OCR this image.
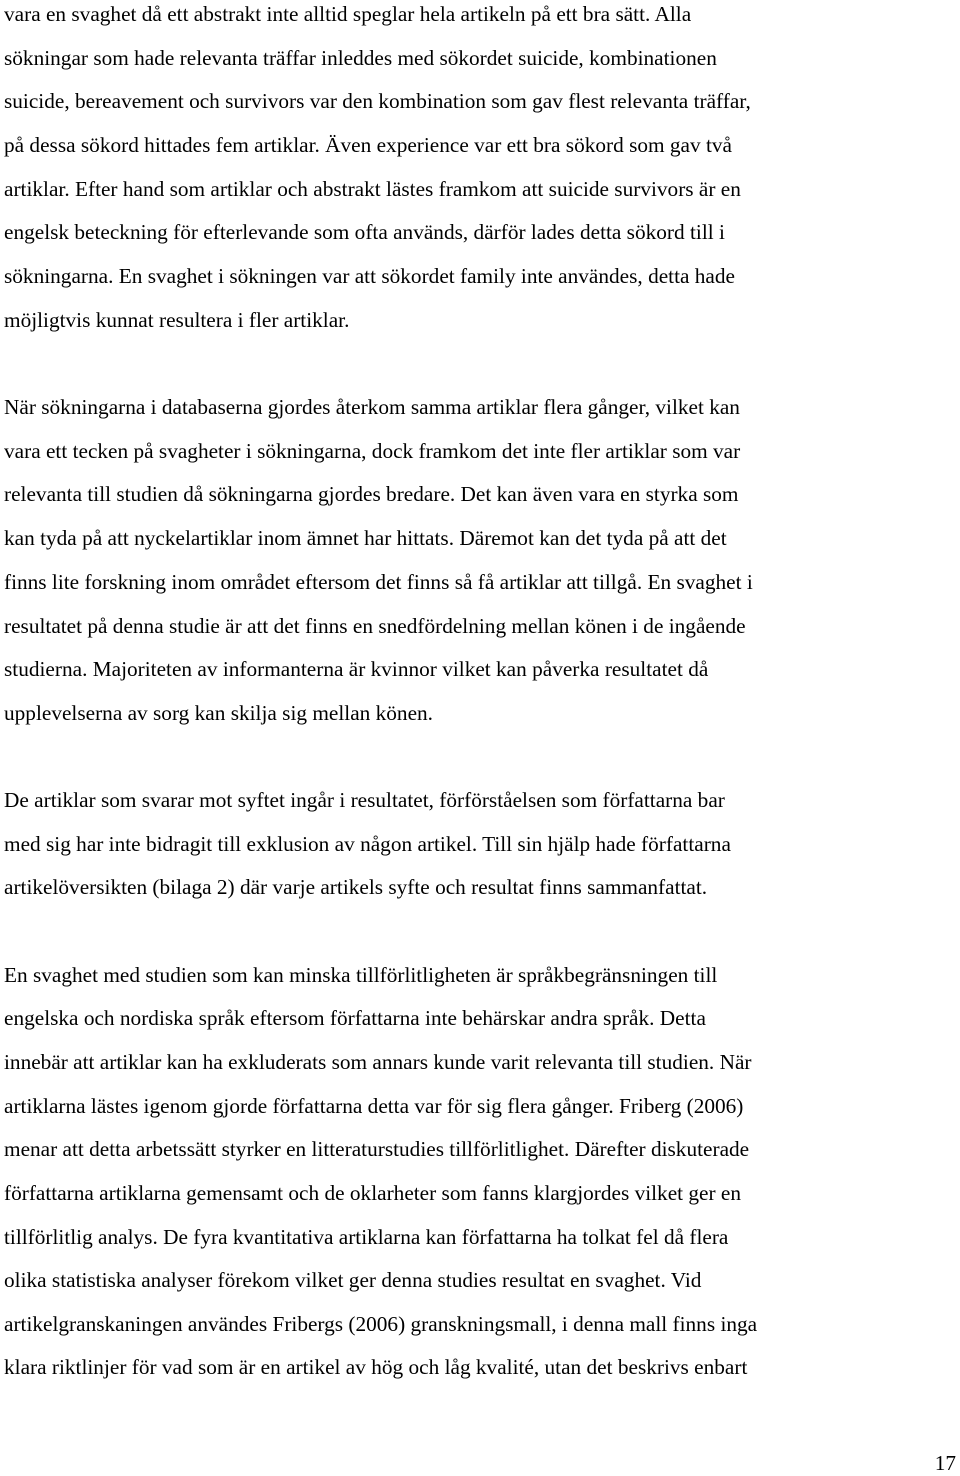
vara en svaghet då ett abstrakt inte alltid speglar hela artikeln på ett bra sätt. Alla
sökningar som hade relevanta träffar inleddes med sökordet suicide, kombinationen
suicide, bereavement och survivors var den kombination som gav flest relevanta träffar,
på dessa sökord hittades fem artiklar. Även experience var ett bra sökord som gav två
artiklar. Efter hand som artiklar och abstrakt lästes framkom att suicide survivors är en
engelsk beteckning för efterlevande som ofta används, därför lades detta sökord till i
sökningarna. En svaghet i sökningen var att sökordet family inte användes, detta hade
möjligtvis kunnat resultera i fler artiklar.
När sökningarna i databaserna gjordes återkom samma artiklar flera gånger, vilket kan
vara ett tecken på svagheter i sökningarna, dock framkom det inte fler artiklar som var
relevanta till studien då sökningarna gjordes bredare. Det kan även vara en styrka som
kan tyda på att nyckelartiklar inom ämnet har hittats. Däremot kan det tyda på att det
finns lite forskning inom området eftersom det finns så få artiklar att tillgå. En svaghet i
resultatet på denna studie är att det finns en snedfördelning mellan könen i de ingående
studierna. Majoriteten av informanterna är kvinnor vilket kan påverka resultatet då
upplevelserna av sorg kan skilja sig mellan könen.
De artiklar som svarar mot syftet ingår i resultatet, förförståelsen som författarna bar
med sig har inte bidragit till exklusion av någon artikel. Till sin hjälp hade författarna
artikelöversikten (bilaga 2) där varje artikels syfte och resultat finns sammanfattat.
En svaghet med studien som kan minska tillförlitligheten är språkbegränsningen till
engelska och nordiska språk eftersom författarna inte behärskar andra språk. Detta
innebär att artiklar kan ha exkluderats som annars kunde varit relevanta till studien. När
artiklarna lästes igenom gjorde författarna detta var för sig flera gånger. Friberg (2006)
menar att detta arbetssätt styrker en litteraturstudies tillförlitlighet. Därefter diskuterade
författarna artiklarna gemensamt och de oklarheter som fanns klargjordes vilket ger en
tillförlitlig analys. De fyra kvantitativa artiklarna kan författarna ha tolkat fel då flera
olika statistiska analyser förekom vilket ger denna studies resultat en svaghet. Vid
artikelgranskaningen användes Fribergs (2006) granskningsmall, i denna mall finns inga
klara riktlinjer för vad som är en artikel av hög och låg kvalité, utan det beskrivs enbart
17
